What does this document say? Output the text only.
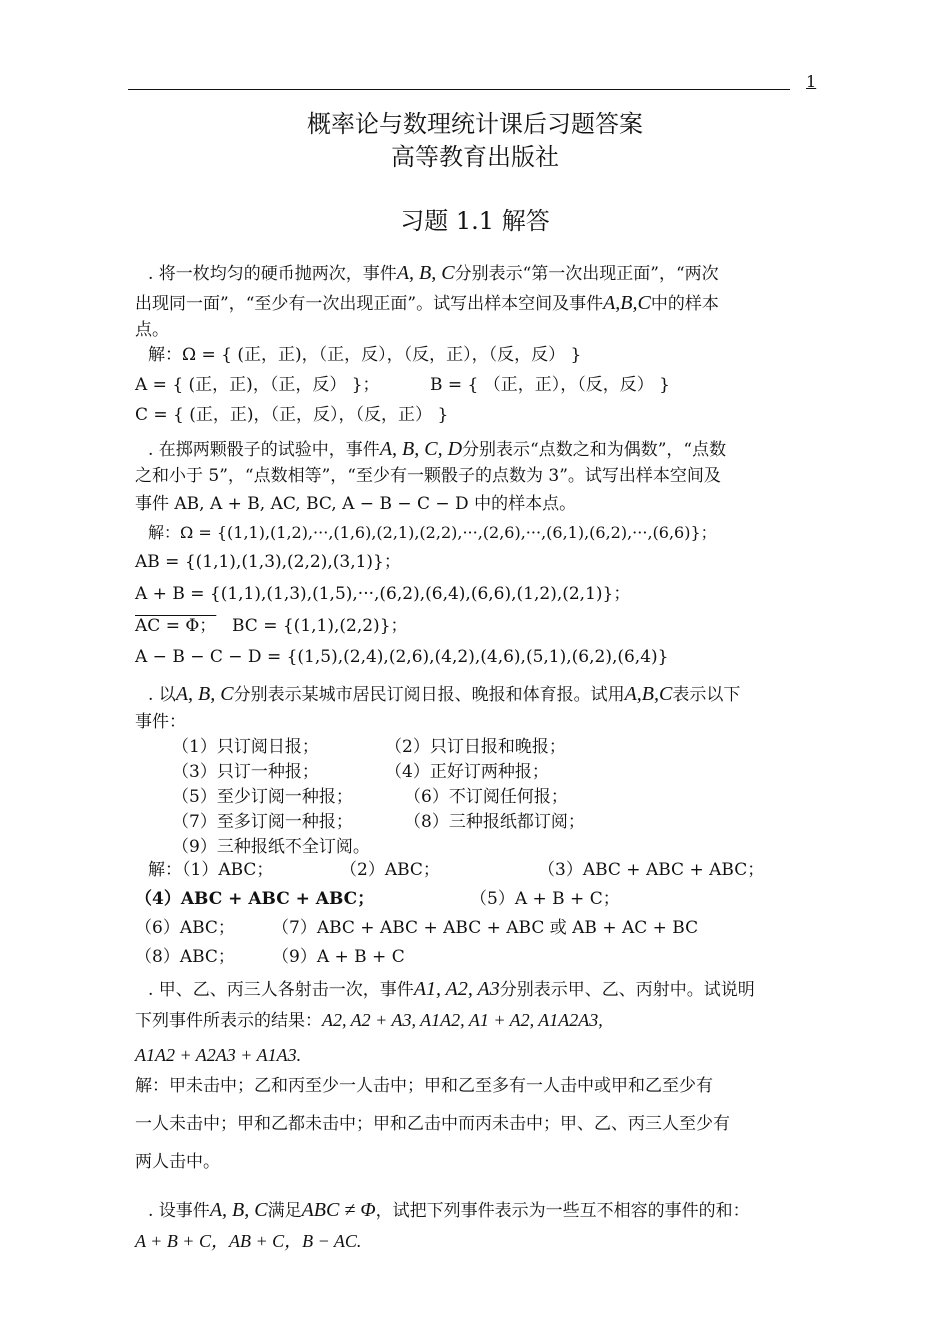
1
概率论与数理统计课后习题答案
高等教育出版社
习题 1.1 解答
. 将一枚均匀的硬币抛两次，事件A, B, C分别表示“第一次出现正面”，“两次
出现同一面”，“至少有一次出现正面”。试写出样本空间及事件A,B,C中的样本
点。
解：Ω = { (正，正)，（正，反），（反，正），（反，反） }
A = { (正，正)，（正，反） }；	B = { （正，正），（反，反） }
C = { (正，正)，（正，反），（反，正） }
. 在掷两颗骰子的试验中，事件A, B, C, D分别表示“点数之和为偶数”，“点数
之和小于 5”，“点数相等”，“至少有一颗骰子的点数为 3”。试写出样本空间及
事件 AB, A + B, AC, BC, A − B − C − D 中的样本点。
解：Ω = {(1,1),(1,2),···,(1,6),(2,1),(2,2),···,(2,6),···,(6,1),(6,2),···,(6,6)}；
AB = {(1,1),(1,3),(2,2),(3,1)}；
A + B = {(1,1),(1,3),(1,5),···,(6,2),(6,4),(6,6),(1,2),(2,1)}；
AC = Φ； BC = {(1,1),(2,2)}；
A − B − C − D = {(1,5),(2,4),(2,6),(4,2),(4,6),(5,1),(6,2),(6,4)}
. 以A, B, C分别表示某城市居民订阅日报、晚报和体育报。试用A,B,C表示以下
事件：
（1）只订阅日报；	（2）只订日报和晚报；
（3）只订一种报；	（4）正好订两种报；
（5）至少订阅一种报；	（6）不订阅任何报；
（7）至多订阅一种报；	（8）三种报纸都订阅；
（9）三种报纸不全订阅。
解：（1）ABC；	（2）ABC；	（3）ABC + ABC + ABC；
（4）ABC + ABC + ABC；	（5）A + B + C；
（6）ABC； （7）ABC + ABC + ABC + ABC 或 AB + AC + BC
（8）ABC； （9）A + B + C
. 甲、乙、丙三人各射击一次，事件A1, A2, A3分别表示甲、乙、丙射中。试说明
下列事件所表示的结果：A2, A2 + A3, A1A2, A1 + A2, A1A2A3,
A1A2 + A2A3 + A1A3.
解：甲未击中；乙和丙至少一人击中；甲和乙至多有一人击中或甲和乙至少有
一人未击中；甲和乙都未击中；甲和乙击中而丙未击中；甲、乙、丙三人至少有
两人击中。
. 设事件A, B, C满足ABC ≠ Φ，试把下列事件表示为一些互不相容的事件的和：
A + B + C，AB + C，B − AC.
